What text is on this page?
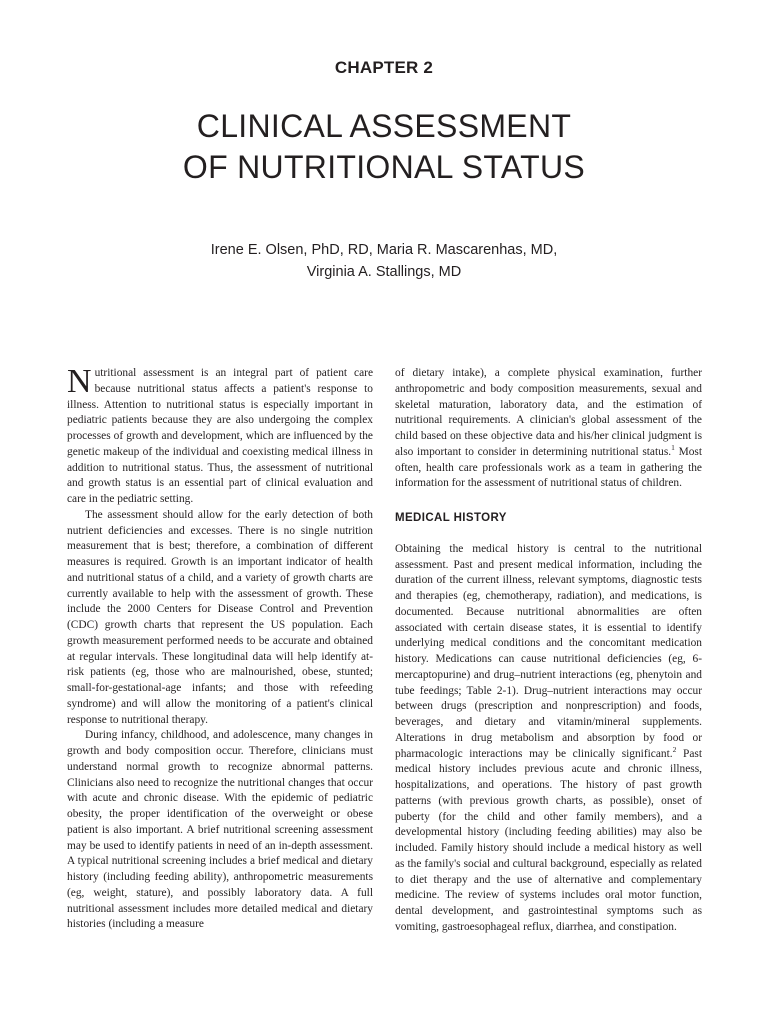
CHAPTER 2
CLINICAL ASSESSMENT
OF NUTRITIONAL STATUS
Irene E. Olsen, PhD, RD, Maria R. Mascarenhas, MD,
Virginia A. Stallings, MD

Nutritional assessment is an integral part of patient care because nutritional status affects a patient's response to illness. Attention to nutritional status is especially important in pediatric patients because they are also undergoing the complex processes of growth and development, which are influenced by the genetic makeup of the individual and coexisting medical illness in addition to nutritional status. Thus, the assessment of nutritional and growth status is an essential part of clinical evaluation and care in the pediatric setting.

The assessment should allow for the early detection of both nutrient deficiencies and excesses. There is no single nutrition measurement that is best; therefore, a combination of different measures is required. Growth is an important indicator of health and nutritional status of a child, and a variety of growth charts are currently available to help with the assessment of growth. These include the 2000 Centers for Disease Control and Prevention (CDC) growth charts that represent the US population. Each growth measurement performed needs to be accurate and obtained at regular intervals. These longitudinal data will help identify at-risk patients (eg, those who are malnourished, obese, stunted; small-for-gestational-age infants; and those with refeeding syndrome) and will allow the monitoring of a patient's clinical response to nutritional therapy.

During infancy, childhood, and adolescence, many changes in growth and body composition occur. Therefore, clinicians must understand normal growth to recognize abnormal patterns. Clinicians also need to recognize the nutritional changes that occur with acute and chronic disease. With the epidemic of pediatric obesity, the proper identification of the overweight or obese patient is also important. A brief nutritional screening assessment may be used to identify patients in need of an in-depth assessment. A typical nutritional screening includes a brief medical and dietary history (including feeding ability), anthropometric measurements (eg, weight, stature), and possibly laboratory data. A full nutritional assessment includes more detailed medical and dietary histories (including a measure

of dietary intake), a complete physical examination, further anthropometric and body composition measurements, sexual and skeletal maturation, laboratory data, and the estimation of nutritional requirements. A clinician's global assessment of the child based on these objective data and his/her clinical judgment is also important to consider in determining nutritional status.$^1$ Most often, health care professionals work as a team in gathering the information for the assessment of nutritional status of children.

MEDICAL HISTORY

Obtaining the medical history is central to the nutritional assessment. Past and present medical information, including the duration of the current illness, relevant symptoms, diagnostic tests and therapies (eg, chemotherapy, radiation), and medications, is documented. Because nutritional abnormalities are often associated with certain disease states, it is essential to identify underlying medical conditions and the concomitant medication history. Medications can cause nutritional deficiencies (eg, 6-mercaptopurine) and drug–nutrient interactions (eg, phenytoin and tube feedings; Table 2-1). Drug–nutrient interactions may occur between drugs (prescription and nonprescription) and foods, beverages, and dietary and vitamin/mineral supplements. Alterations in drug metabolism and absorption by food or pharmacologic interactions may be clinically significant.$^2$ Past medical history includes previous acute and chronic illness, hospitalizations, and operations. The history of past growth patterns (with previous growth charts, as possible), onset of puberty (for the child and other family members), and a developmental history (including feeding abilities) may also be included. Family history should include a medical history as well as the family's social and cultural background, especially as related to diet therapy and the use of alternative and complementary medicine. The review of systems includes oral motor function, dental development, and gastrointestinal symptoms such as vomiting, gastroesophageal reflux, diarrhea, and constipation.
